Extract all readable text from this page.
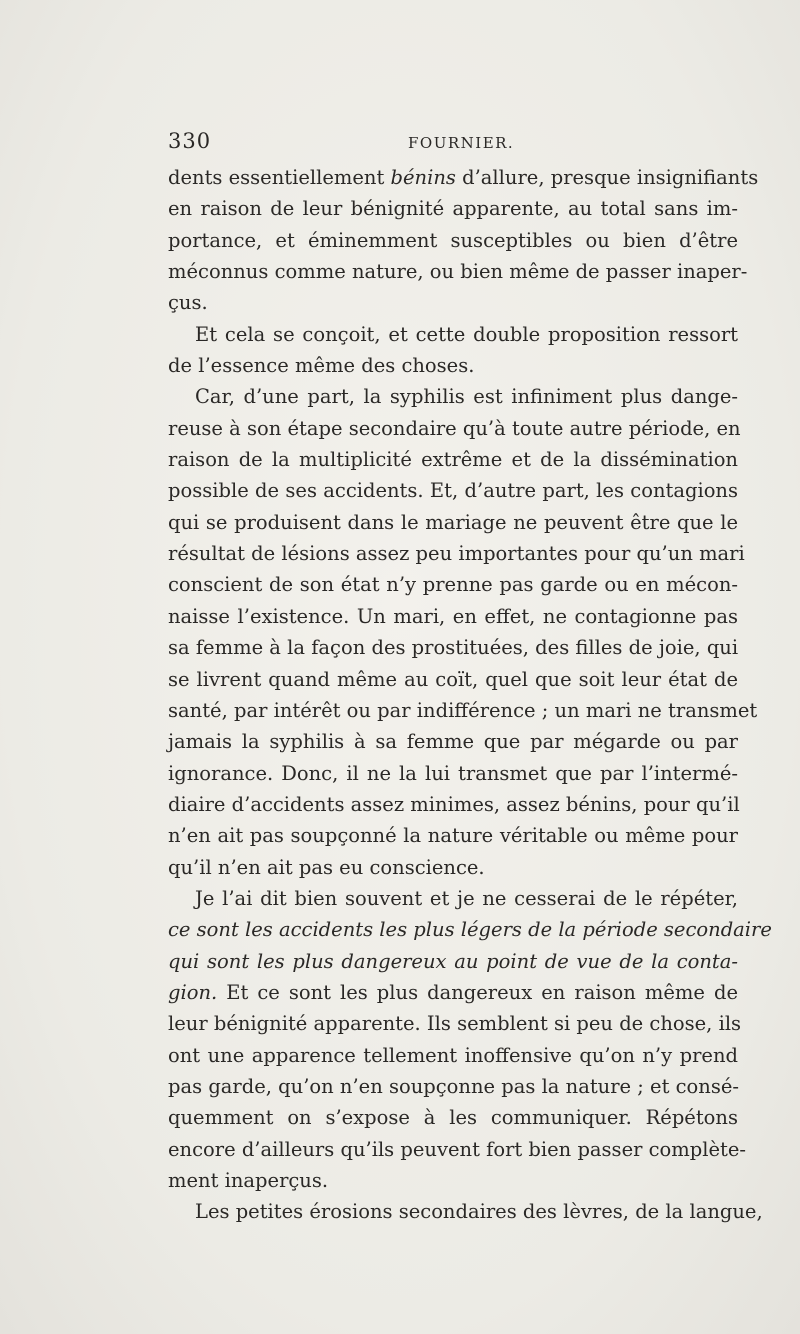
330	FOURNIER.
dents essentiellement bénins d’allure, presque insignifiants
en raison de leur bénignité apparente, au total sans im-
portance, et éminemment susceptibles ou bien d’être
méconnus comme nature, ou bien même de passer inaper-
çus.
Et cela se conçoit, et cette double proposition ressort
de l’essence même des choses.
Car, d’une part, la syphilis est infiniment plus dange-
reuse à son étape secondaire qu’à toute autre période, en
raison de la multiplicité extrême et de la dissémination
possible de ses accidents. Et, d’autre part, les contagions
qui se produisent dans le mariage ne peuvent être que le
résultat de lésions assez peu importantes pour qu’un mari
conscient de son état n’y prenne pas garde ou en mécon-
naisse l’existence. Un mari, en effet, ne contagionne pas
sa femme à la façon des prostituées, des filles de joie, qui
se livrent quand même au coït, quel que soit leur état de
santé, par intérêt ou par indifférence ; un mari ne transmet
jamais la syphilis à sa femme que par mégarde ou par
ignorance. Donc, il ne la lui transmet que par l’intermé-
diaire d’accidents assez minimes, assez bénins, pour qu’il
n’en ait pas soupçonné la nature véritable ou même pour
qu’il n’en ait pas eu conscience.
Je l’ai dit bien souvent et je ne cesserai de le répéter,
ce sont les accidents les plus légers de la période secondaire
qui sont les plus dangereux au point de vue de la conta-
gion. Et ce sont les plus dangereux en raison même de
leur bénignité apparente. Ils semblent si peu de chose, ils
ont une apparence tellement inoffensive qu’on n’y prend
pas garde, qu’on n’en soupçonne pas la nature ; et consé-
quemment on s’expose à les communiquer. Répétons
encore d’ailleurs qu’ils peuvent fort bien passer complète-
ment inaperçus.
Les petites érosions secondaires des lèvres, de la langue,
